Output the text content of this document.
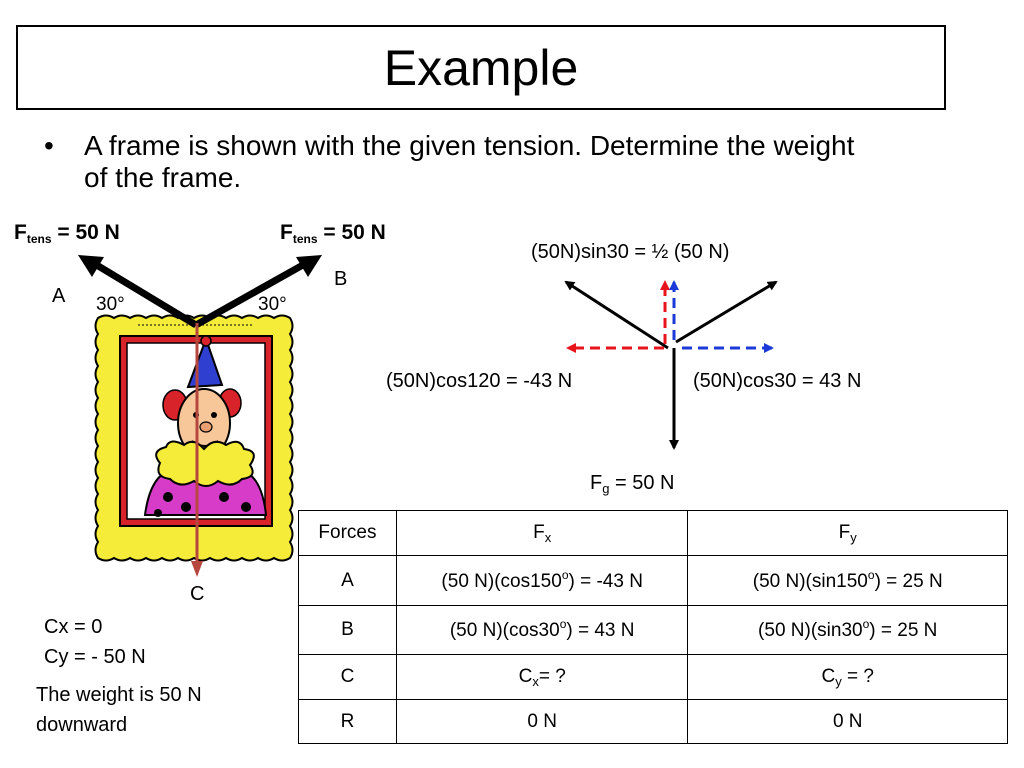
Example
• A frame is shown with the given tension. Determine the weight of the frame.
Ftens = 50 N	Ftens = 50 N
A
B
C
30°	30°
(50N)sin30 = ½ (50 N)
(50N)cos120 = -43 N	(50N)cos30 = 43 N
$F_g = 50$ N
Cx = 0
Cy = - 50 N
The weight is 50 N
downward
Forces	$F_x$	$F_y$
A	(50 $N)(\cos 150^o) = -43$ N	(50 $N)(\sin 150^o) = 25$ N
B	(50 $N)(\cos 30^o) = 43$ N	(50 $N)(\sin 30^o) = 25$ N
C	$C_x=$ ?	$C_y$ = ?
R	0 N	0 N
